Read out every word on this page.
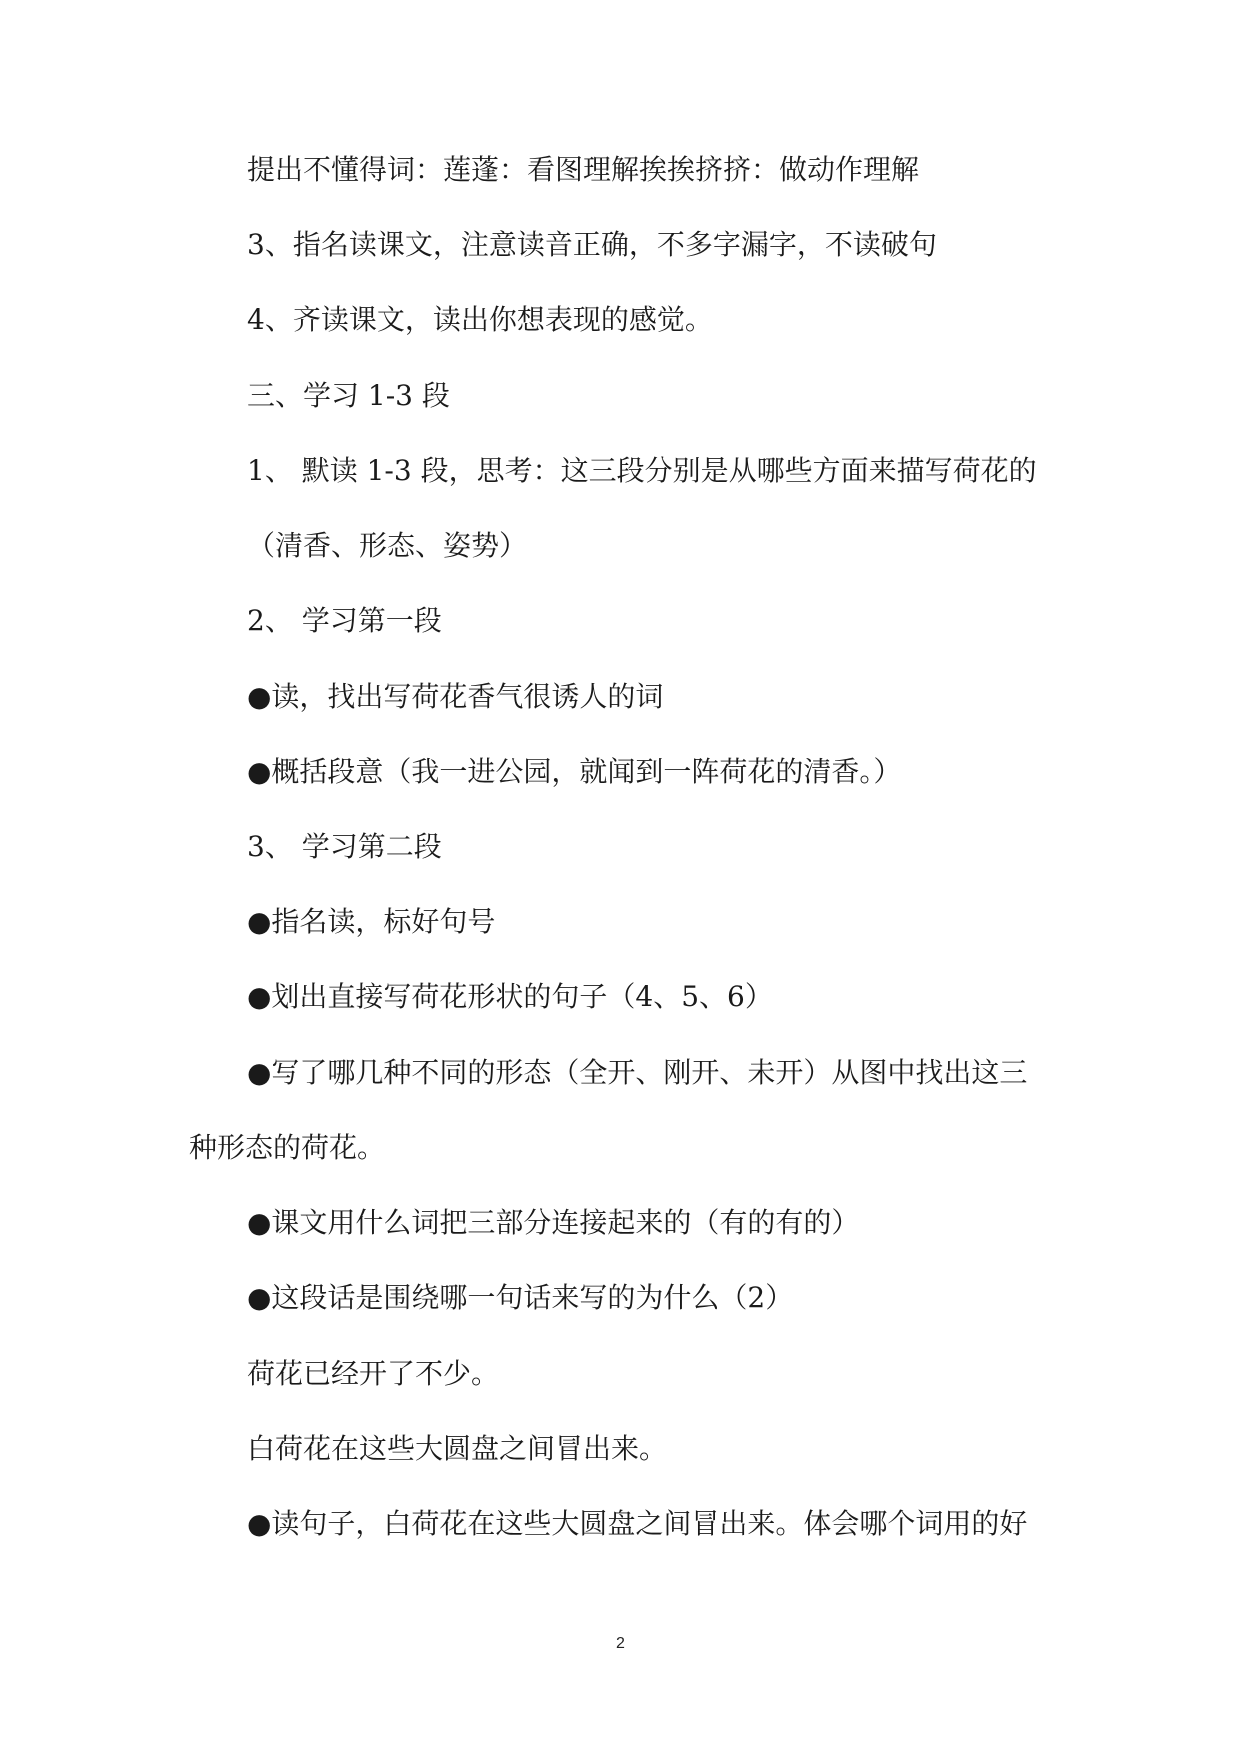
提出不懂得词：莲蓬：看图理解挨挨挤挤：做动作理解
3、指名读课文，注意读音正确，不多字漏字，不读破句
4、齐读课文，读出你想表现的感觉。
三、学习 1-3 段
1、 默读 1-3 段，思考：这三段分别是从哪些方面来描写荷花的
（清香、形态、姿势）
2、 学习第一段
●读，找出写荷花香气很诱人的词
●概括段意（我一进公园，就闻到一阵荷花的清香。）
3、 学习第二段
●指名读，标好句号
●划出直接写荷花形状的句子（4、5、6）
●写了哪几种不同的形态（全开、刚开、未开）从图中找出这三
种形态的荷花。
●课文用什么词把三部分连接起来的（有的有的）
●这段话是围绕哪一句话来写的为什么（2）
荷花已经开了不少。
白荷花在这些大圆盘之间冒出来。
●读句子，白荷花在这些大圆盘之间冒出来。体会哪个词用的好
2
